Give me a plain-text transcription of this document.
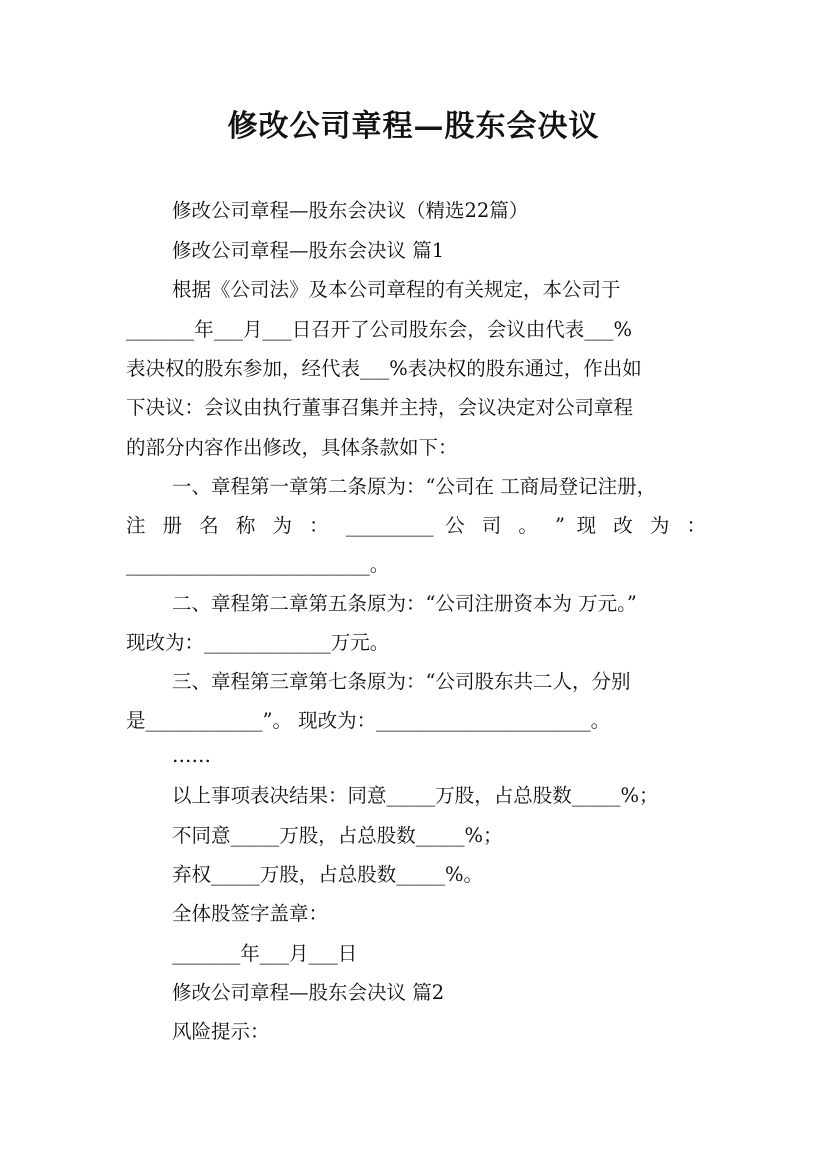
修改公司章程—股东会决议

修改公司章程—股东会决议（精选22篇）

修改公司章程—股东会决议 篇1

根据《公司法》及本公司章程的有关规定，本公司于

_______年___月___日召开了公司股东会，会议由代表___%

表决权的股东参加，经代表___%表决权的股东通过，作出如

下决议：会议由执行董事召集并主持，会议决定对公司章程

的部分内容作出修改，具体条款如下：

一、章程第一章第二条原为：“公司在 工商局登记注册，

注 册 名 称 为 ： _________ 公 司 。 ” 现 改 为 ：

_________________________。

二、章程第二章第五条原为：“公司注册资本为 万元。”

现改为：_____________万元。

三、章程第三章第七条原为：“公司股东共二人，分别

是____________”。 现改为：______________________。

……

以上事项表决结果：同意_____万股，占总股数_____%；

不同意_____万股，占总股数_____%；

弃权_____万股，占总股数_____%。

全体股签字盖章：

_______年___月___日

修改公司章程—股东会决议 篇2

风险提示：
